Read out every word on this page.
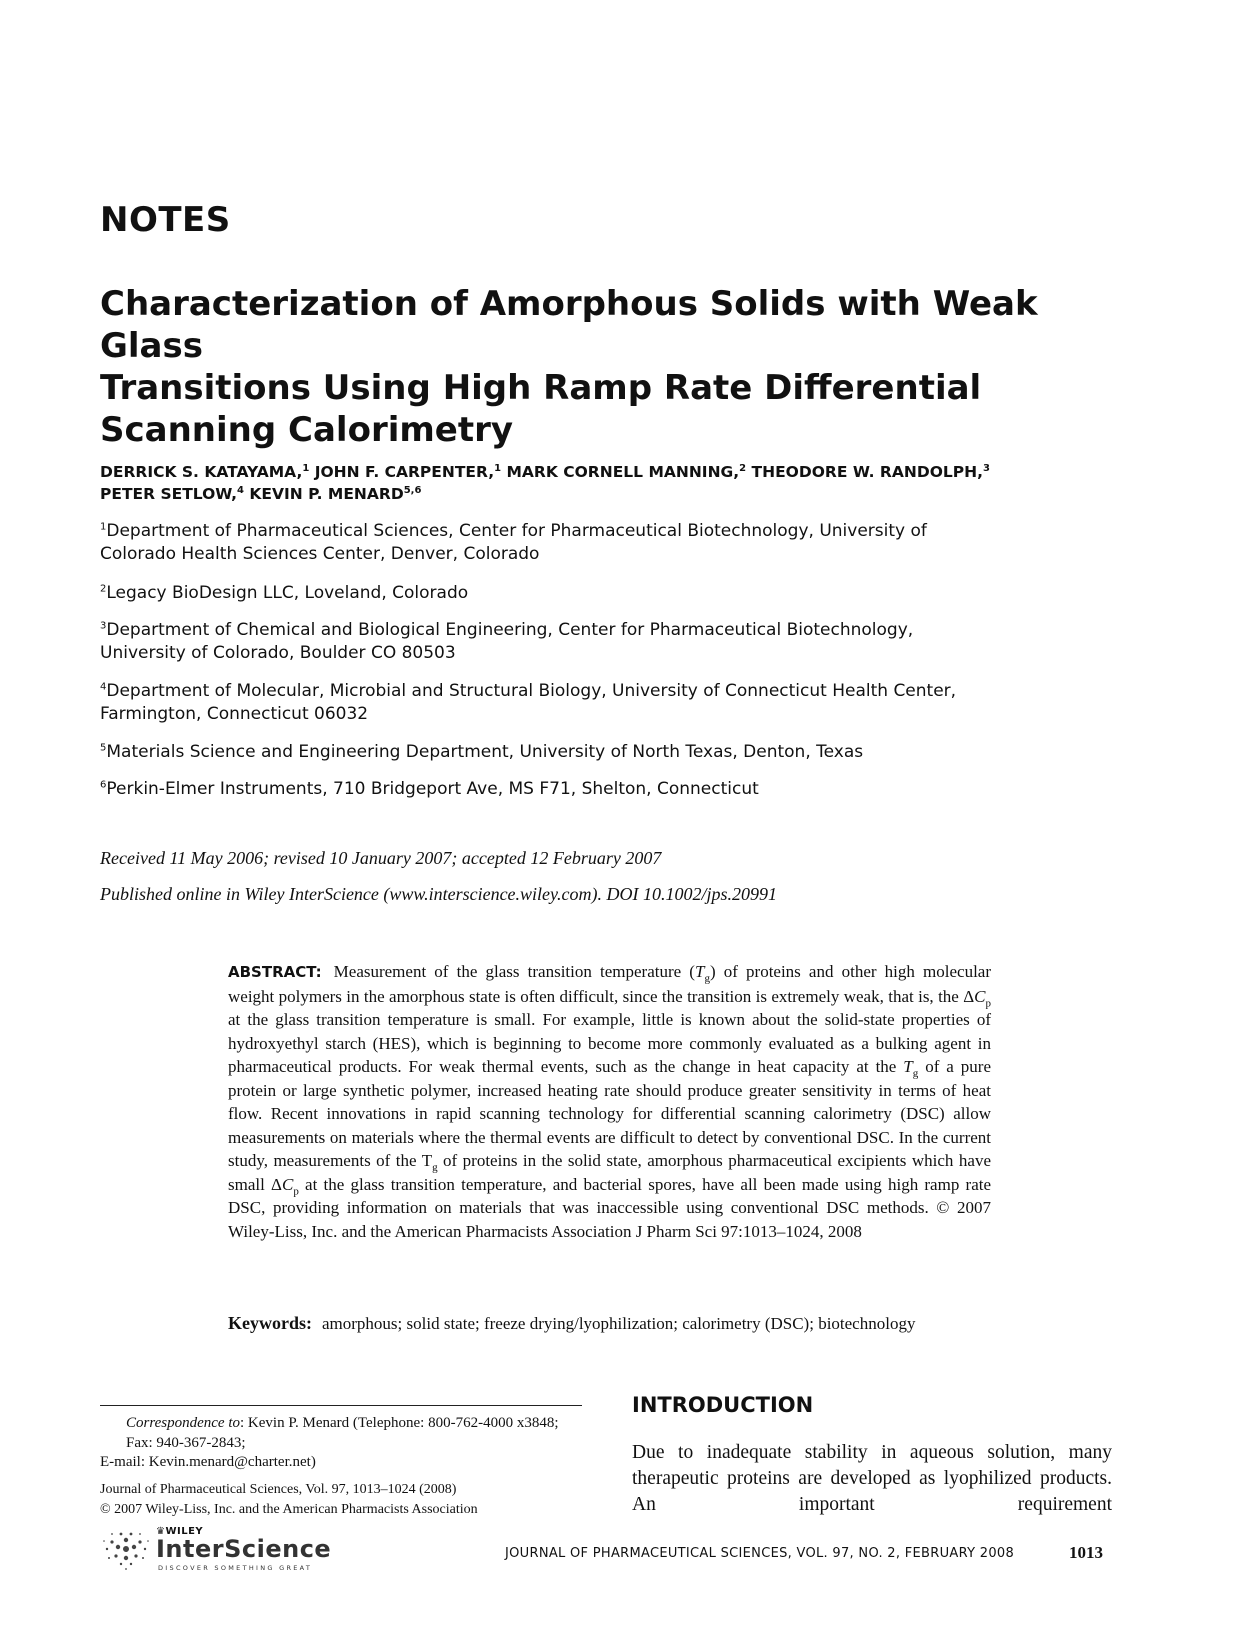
NOTES
Characterization of Amorphous Solids with Weak Glass
Transitions Using High Ramp Rate Differential
Scanning Calorimetry
DERRICK S. KATAYAMA,$^1$ JOHN F. CARPENTER,$^1$ MARK CORNELL MANNING,$^2$ THEODORE W. RANDOLPH,$^3$
PETER SETLOW,$^4$ KEVIN P. MENARD$^{5,6}$
$^1$Department of Pharmaceutical Sciences, Center for Pharmaceutical Biotechnology, University of
Colorado Health Sciences Center, Denver, Colorado
$^2$Legacy BioDesign LLC, Loveland, Colorado
$^3$Department of Chemical and Biological Engineering, Center for Pharmaceutical Biotechnology,
University of Colorado, Boulder CO 80503
$^4$Department of Molecular, Microbial and Structural Biology, University of Connecticut Health Center,
Farmington, Connecticut 06032
$^5$Materials Science and Engineering Department, University of North Texas, Denton, Texas
$^6$Perkin-Elmer Instruments, 710 Bridgeport Ave, MS F71, Shelton, Connecticut
Received 11 May 2006; revised 10 January 2007; accepted 12 February 2007
Published online in Wiley InterScience (www.interscience.wiley.com). DOI 10.1002/jps.20991
ABSTRACT: Measurement of the glass transition temperature $(T_g)$ of proteins and other high molecular weight polymers in the amorphous state is often difficult, since the transition is extremely weak, that is, the $\Delta C_p$ at the glass transition temperature is small. For example, little is known about the solid-state properties of hydroxyethyl starch (HES), which is beginning to become more commonly evaluated as a bulking agent in pharmaceutical products. For weak thermal events, such as the change in heat capacity at the $T_g$ of a pure protein or large synthetic polymer, increased heating rate should produce greater sensitivity in terms of heat flow. Recent innovations in rapid scanning technology for differential scanning calorimetry (DSC) allow measurements on materials where the thermal events are difficult to detect by conventional DSC. In the current study, measurements of the $T_g$ of proteins in the solid state, amorphous pharmaceutical excipients which have small $\Delta C_p$ at the glass transition temperature, and bacterial spores, have all been made using high ramp rate DSC, providing information on materials that was inaccessible using conventional DSC methods. © 2007 Wiley-Liss, Inc. and the American Pharmacists Association J Pharm Sci 97:1013–1024, 2008
Keywords: amorphous; solid state; freeze drying/lyophilization; calorimetry (DSC); biotechnology
Correspondence to: Kevin P. Menard (Telephone: 800-762-4000 x3848; Fax: 940-367-2843;
E-mail: Kevin.menard@charter.net)
Journal of Pharmaceutical Sciences, Vol. 97, 1013–1024 (2008)
© 2007 Wiley-Liss, Inc. and the American Pharmacists Association
INTRODUCTION
Due to inadequate stability in aqueous solution, many therapeutic proteins are developed as lyophilized products. An important requirement
♛WILEY
InterScience
DISCOVER SOMETHING GREAT
JOURNAL OF PHARMACEUTICAL SCIENCES, VOL. 97, NO. 2, FEBRUARY 2008	1013
